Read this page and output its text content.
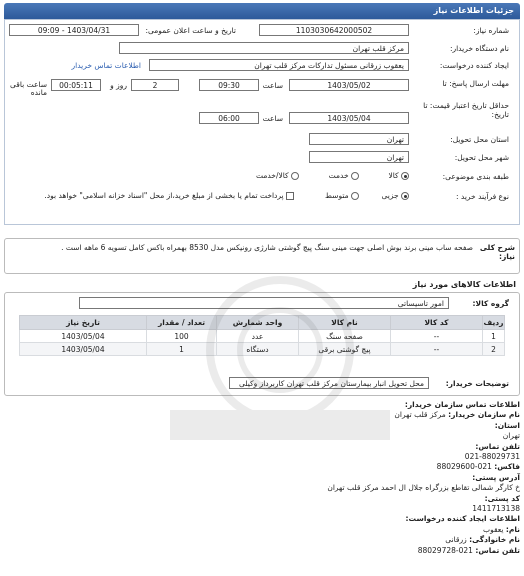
جزئیات اطلاعات نیاز
شماره نیاز:
1103030642000502
تاریخ و ساعت اعلان عمومی:
1403/04/31 - 09:09
نام دستگاه خریدار:
مرکز قلب تهران
ایجاد کننده درخواست:
یعقوب زرقانی مسئول تدارکات مرکز قلب تهران
اطلاعات تماس خریدار
مهلت ارسال پاسخ: تا
1403/05/02
ساعت
09:30
2
روز و
00:05:11
ساعت باقی مانده
حداقل تاریخ اعتبار قیمت: تا تاریخ:
1403/05/04
ساعت
06:00
استان محل تحویل:
تهران
شهر محل تحویل:
تهران
طبقه بندی موضوعی:
کالا
خدمت
کالا/خدمت
نوع فرآیند خرید :
جزیی
متوسط
پرداخت تمام یا بخشی از مبلغ خرید،از محل "اسناد خزانه اسلامی" خواهد بود.
شرح کلی نیاز:
صفحه ساب مینی برند بوش اصلی جهت مینی سنگ پیچ گوشتی شارژی رونیکس مدل 8530 بهمراه باکس کامل تسویه 6 ماهه است .
اطلاعات کالاهای مورد نیاز
گروه کالا:
امور تاسیساتی
ردیف	کد کالا	نام کالا	واحد شمارش	تعداد / مقدار	تاریخ نیاز
1	--	صفحه سنگ	عدد	100	1403/05/04
2	--	پیچ گوشتی برقی	دستگاه	1	1403/05/04
توضیحات خریدار:
محل تحویل انبار بیمارستان مرکز قلب تهران کاربرداز وکیلی
اطلاعات تماس سازمان خریدار:
نام سازمان خریدار: مرکز قلب تهران
استان:
تهران
تلفن تماس:
021-88029731
فاکس: 021-88029600
آدرس پستی:
خ کارگر شمالی تقاطع بزرگراه جلال ال احمد مرکز قلب تهران
کد پستی:
1411713138
اطلاعات ایجاد کننده درخواست:
نام: یعقوب
نام خانوادگی: زرقانی
تلفن تماس: 021-88029728
